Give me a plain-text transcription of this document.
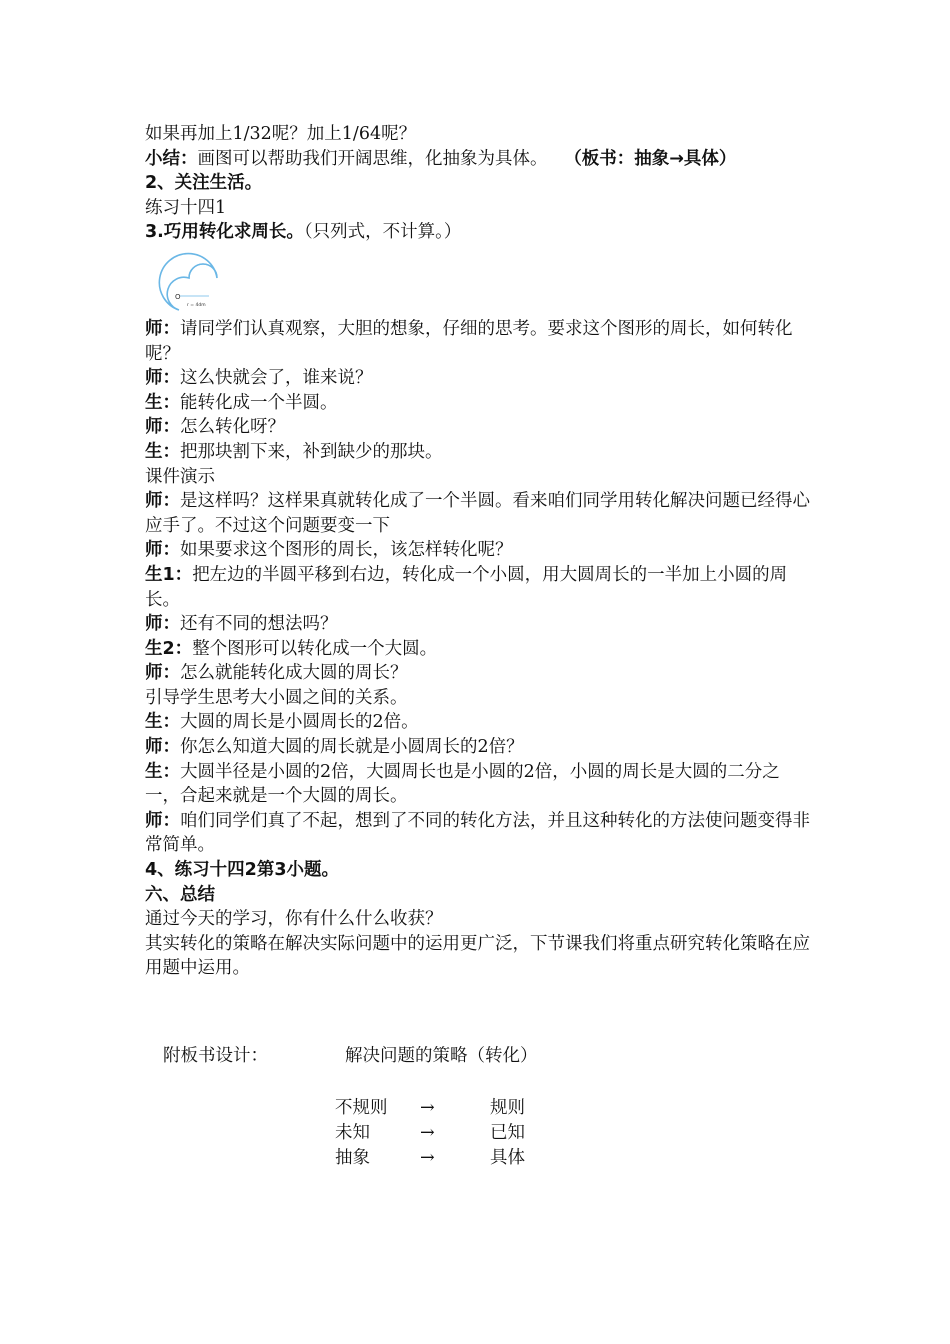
如果再加上1/32呢？加上1/64呢？

小结：画图可以帮助我们开阔思维，化抽象为具体。 （板书：抽象→具体）

2、关注生活。

练习十四1

3.巧用转化求周长。（只列式，不计算。）

O
r = 4dm

师：请同学们认真观察，大胆的想象，仔细的思考。要求这个图形的周长，如何转化呢？

师：这么快就会了，谁来说？

生：能转化成一个半圆。

师：怎么转化呀？

生：把那块割下来，补到缺少的那块。

课件演示

师：是这样吗？这样果真就转化成了一个半圆。看来咱们同学用转化解决问题已经得心应手了。不过这个问题要变一下

师：如果要求这个图形的周长，该怎样转化呢？

生1：把左边的半圆平移到右边，转化成一个小圆，用大圆周长的一半加上小圆的周长。

师：还有不同的想法吗？

生2：整个图形可以转化成一个大圆。

师：怎么就能转化成大圆的周长？

引导学生思考大小圆之间的关系。

生：大圆的周长是小圆周长的2倍。

师：你怎么知道大圆的周长就是小圆周长的2倍？

生：大圆半径是小圆的2倍，大圆周长也是小圆的2倍，小圆的周长是大圆的二分之一，合起来就是一个大圆的周长。

师：咱们同学们真了不起，想到了不同的转化方法，并且这种转化的方法使问题变得非常简单。

4、练习十四2第3小题。

六、总结

通过今天的学习，你有什么什么收获？

其实转化的策略在解决实际问题中的运用更广泛，下节课我们将重点研究转化策略在应用题中运用。

附板书设计：	解决问题的策略（转化）
不规则	→	规则
未知	→	已知
抽象	→	具体
